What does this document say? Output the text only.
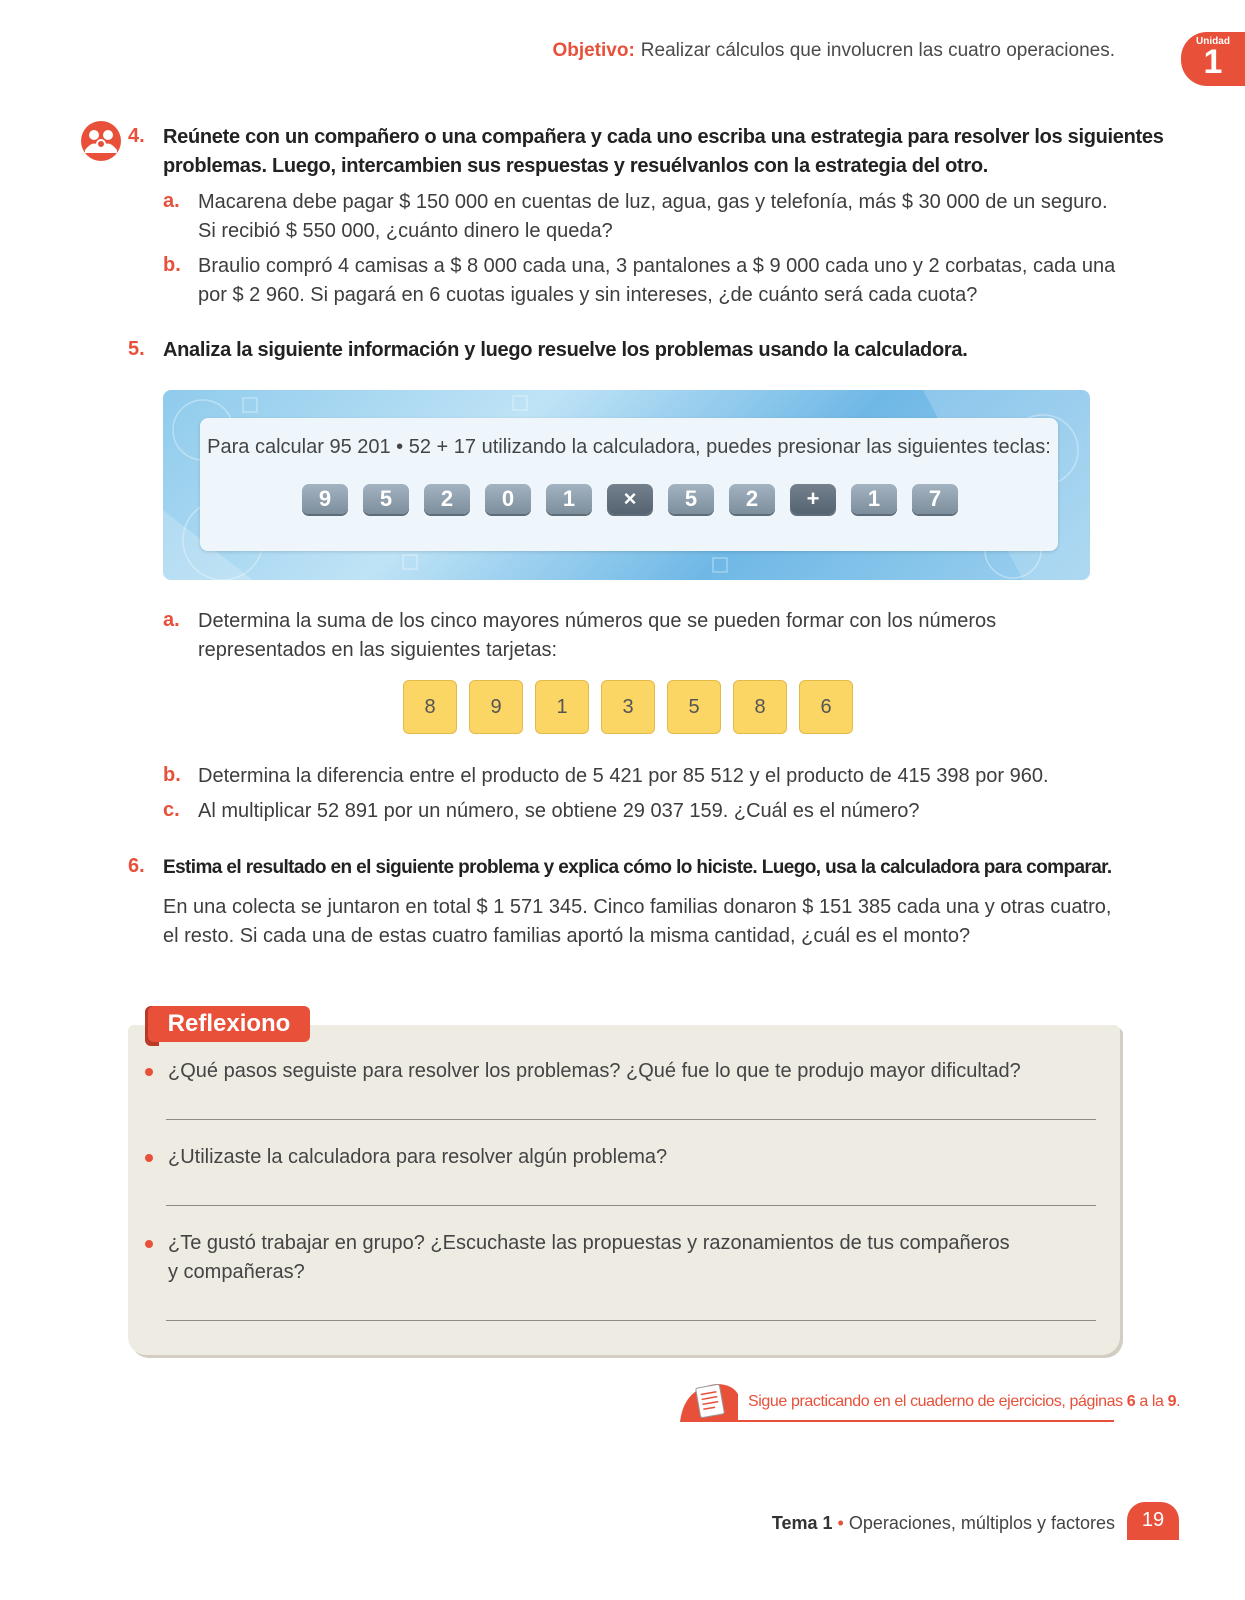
Objetivo: Realizar cálculos que involucren las cuatro operaciones.	Unidad
1
4. Reúnete con un compañero o una compañera y cada uno escriba una estrategia para resolver los siguientes
problemas. Luego, intercambien sus respuestas y resuélvanlos con la estrategia del otro.
a. Macarena debe pagar $ 150 000 en cuentas de luz, agua, gas y telefonía, más $ 30 000 de un seguro.
Si recibió $ 550 000, ¿cuánto dinero le queda?
b. Braulio compró 4 camisas a $ 8 000 cada una, 3 pantalones a $ 9 000 cada uno y 2 corbatas, cada una
por $ 2 960. Si pagará en 6 cuotas iguales y sin intereses, ¿de cuánto será cada cuota?
5. Analiza la siguiente información y luego resuelve los problemas usando la calculadora.
Para calcular 95 201 • 52 + 17 utilizando la calculadora, puedes presionar las siguientes teclas:
9	5	2	0	1	×	5	2	+	1	7
a. Determina la suma de los cinco mayores números que se pueden formar con los números
representados en las siguientes tarjetas:
8	9	1	3	5	8	6
b. Determina la diferencia entre el producto de 5 421 por 85 512 y el producto de 415 398 por 960.
c. Al multiplicar 52 891 por un número, se obtiene 29 037 159. ¿Cuál es el número?
6. Estima el resultado en el siguiente problema y explica cómo lo hiciste. Luego, usa la calculadora para comparar.
En una colecta se juntaron en total $ 1 571 345. Cinco familias donaron $ 151 385 cada una y otras cuatro,
el resto. Si cada una de estas cuatro familias aportó la misma cantidad, ¿cuál es el monto?
Reflexiono
¿Qué pasos seguiste para resolver los problemas? ¿Qué fue lo que te produjo mayor dificultad?
¿Utilizaste la calculadora para resolver algún problema?
¿Te gustó trabajar en grupo? ¿Escuchaste las propuestas y razonamientos de tus compañeros
y compañeras?
Sigue practicando en el cuaderno de ejercicios, páginas 6 a la 9.
Tema 1 • Operaciones, múltiplos y factores	19
